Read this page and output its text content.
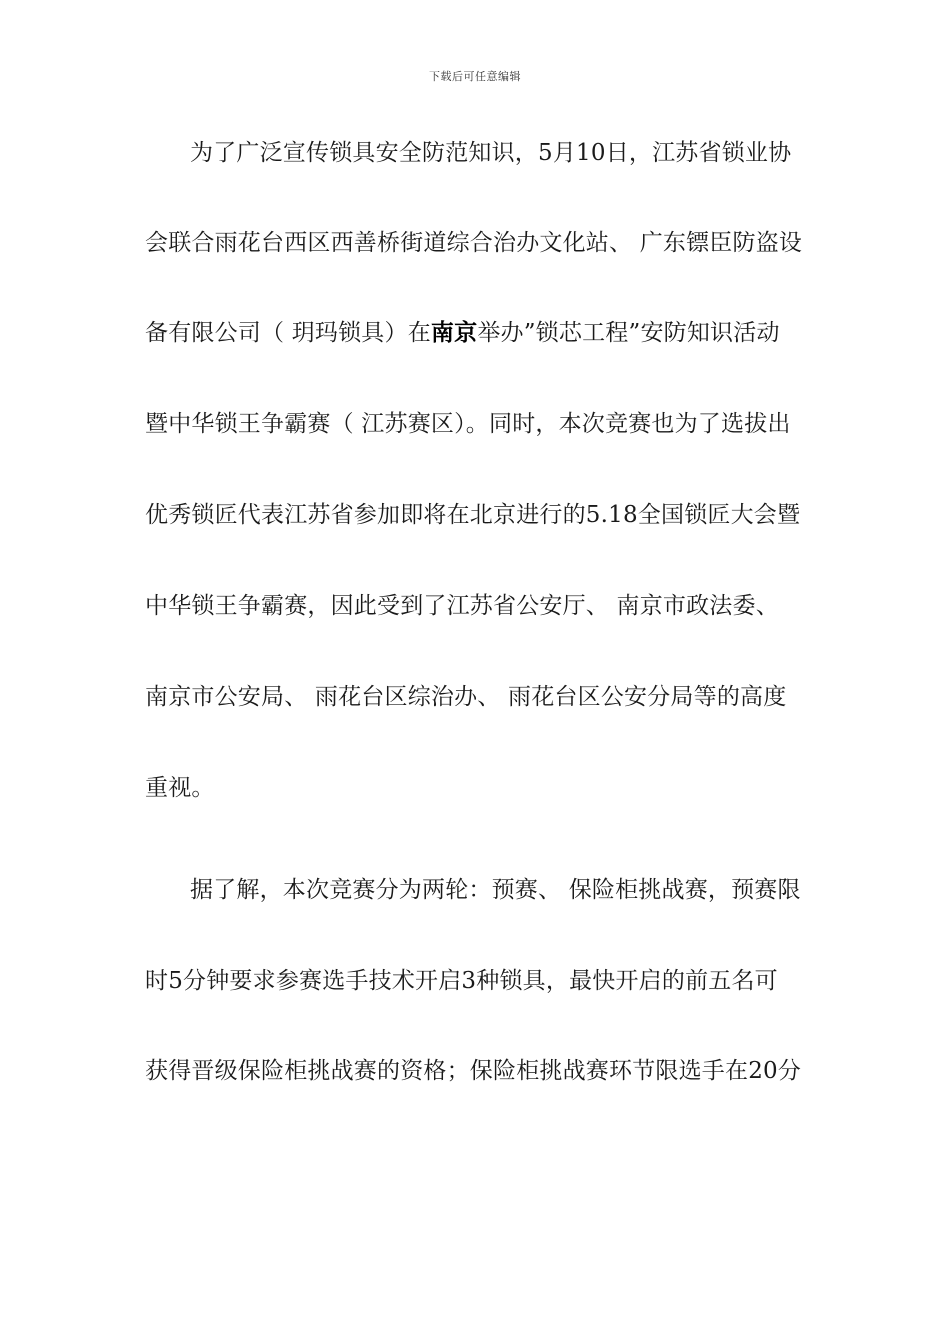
下载后可任意编辑
为了广泛宣传锁具安全防范知识，5月10日，江苏省锁业协
会联合雨花台西区西善桥街道综合治办文化站、 广东镖臣防盗设
备有限公司（ 玥玛锁具）在南京举办”锁芯工程”安防知识活动
暨中华锁王争霸赛（ 江苏赛区）。同时，本次竞赛也为了选拔出
优秀锁匠代表江苏省参加即将在北京进行的5.18全国锁匠大会暨
中华锁王争霸赛，因此受到了江苏省公安厅、 南京市政法委、
南京市公安局、 雨花台区综治办、 雨花台区公安分局等的高度
重视。
据了解，本次竞赛分为两轮：预赛、 保险柜挑战赛，预赛限
时5分钟要求参赛选手技术开启3种锁具，最快开启的前五名可
获得晋级保险柜挑战赛的资格；保险柜挑战赛环节限选手在20分
